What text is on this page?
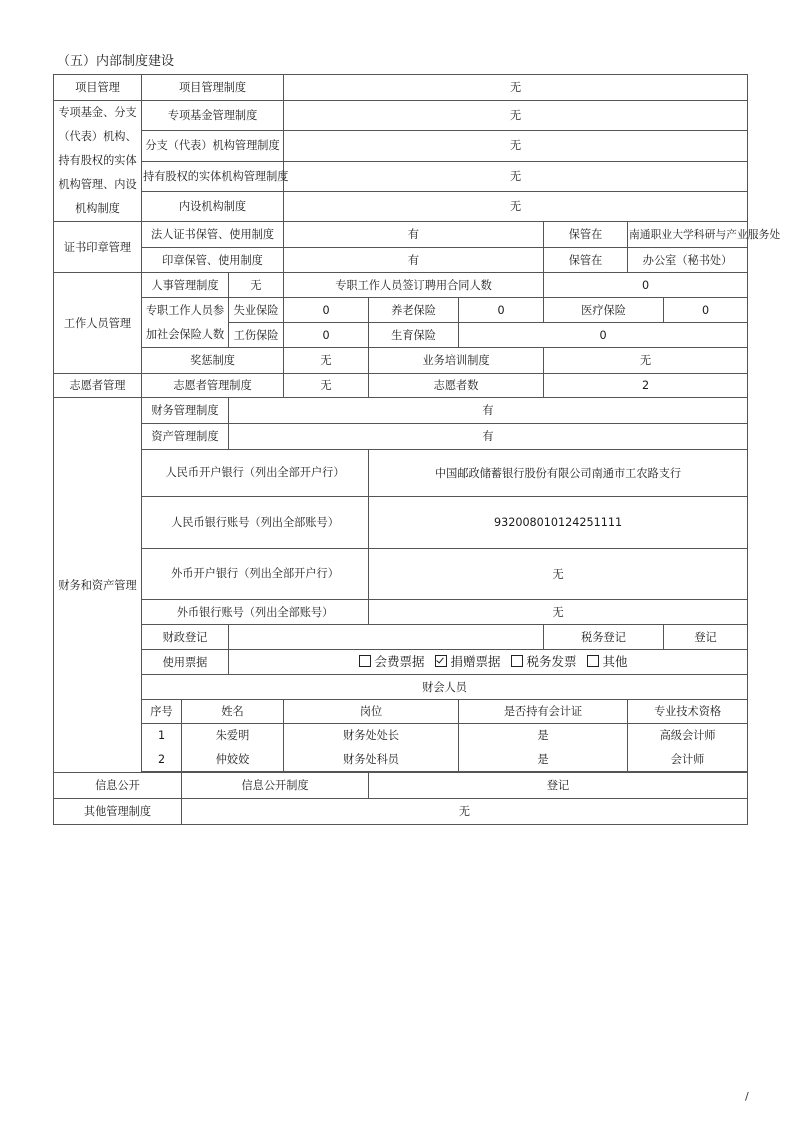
（五）内部制度建设
项目管理	项目管理制度			无					
专项基金、分支（代表）机构、持有股权的实体机构管理、内设机构制度	专项基金管理制度			无					
	分支（代表）机构管理制度			无					
	持有股权的实体机构管理制度			无					
	内设机构制度			无					
证书印章管理	法人证书保管、使用制度			有			保管在	南通职业大学科研与产业服务处	
	印章保管、使用制度			有			保管在	办公室（秘书处）	
工作人员管理	人事管理制度		无	专职工作人员签订聘用合同人数			0		
	专职工作人员参加社会保险人数		失业保险	0	养老保险	0	医疗保险		0
			工伤保险	0	生育保险	0			
	奖惩制度			无	业务培训制度		无		
志愿者管理	志愿者管理制度			无	志愿者数		2		
财务和资产管理	财务管理制度		有						
	资产管理制度		有						
	人民币开户银行（列出全部开户行）				中国邮政储蓄银行股份有限公司南通市工农路支行				
	人民币银行账号（列出全部账号）				932008010124251111				
	外币开户银行（列出全部开户行）				无				
	外币银行账号（列出全部账号）				无				
	财政登记						税务登记		登记
	使用票据		会费票据 捐赠票据 税务发票 其他						
	财会人员								
	序号	姓名		岗位		是否持有会计证		专业技术资格	
	1	朱爱明		财务处处长		是		高级会计师	
	2	仲姣姣		财务处科员		是		会计师	

信息公开		信息公开制度			登记				
其他管理制度		无							
/
